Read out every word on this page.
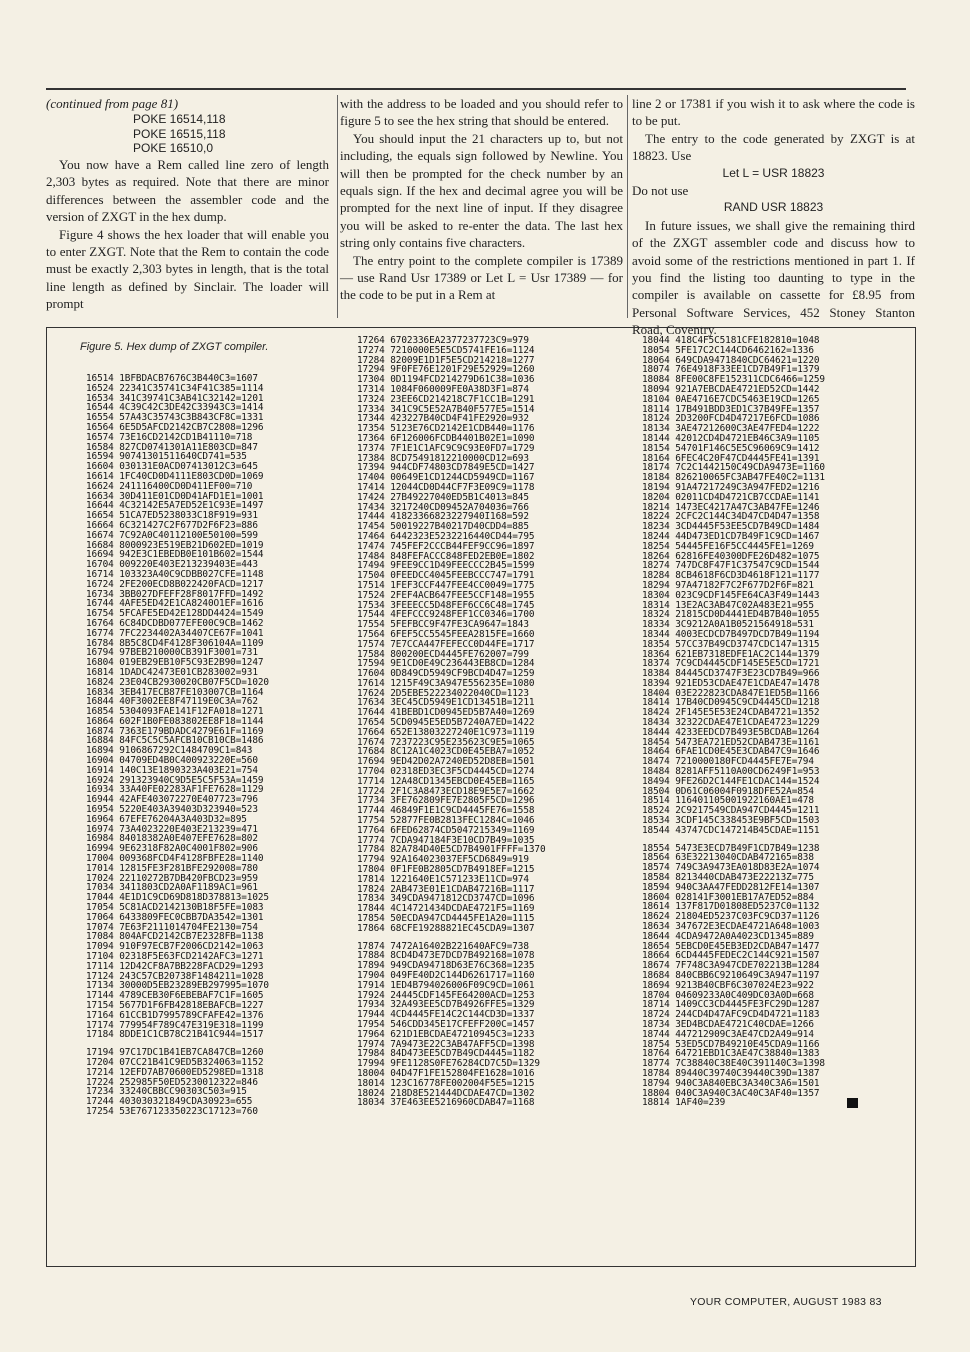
(continued from page 81)

POKE 16514,118
POKE 16515,118
POKE 16510,0

You now have a Rem called line zero of length 2,303 bytes as required. Note that there are minor differences between the assembler code and the version of ZXGT in the hex dump.

Figure 4 shows the hex loader that will enable you to enter ZXGT. Note that the Rem to contain the code must be exactly 2,303 bytes in length, that is the total line length as defined by Sinclair. The loader will prompt

with the address to be loaded and you should refer to figure 5 to see the hex string that should be entered.

You should input the 21 characters up to, but not including, the equals sign followed by Newline. You will then be prompted for the check number by an equals sign. If the hex and decimal agree you will be prompted for the next line of input. If they disagree you will be asked to re-enter the data. The last hex string only contains five characters.

The entry point to the complete compiler is 17389 — use Rand Usr 17389 or Let L = Usr 17389 — for the code to be put in a Rem at

line 2 or 17381 if you wish it to ask where the code is to be put.

The entry to the code generated by ZXGT is at 18823. Use

Let L = USR 18823

Do not use

RAND USR 18823

In future issues, we shall give the remaining third of the ZXGT assembler code and discuss how to avoid some of the restrictions mentioned in part 1. If you find the listing too daunting to type in the compiler is available on cassette for £8.95 from Personal Software Services, 452 Stoney Stanton Road, Coventry.

Figure 5. Hex dump of ZXGT compiler.
16514 1BFBDACB7676C3B440C3=1607
16524 22341C35741C34F41C385=1114
16534 341C39741C3AB41C32142=1201
16544 4C39C42C3DE42C33943C3=1414
16554 57A43C35743C3B843CF8C=1331
16564 6E5D5AFCD2142CB7C2808=1296
16574 73E16CD2142CD1B41110=718
16584 827CD0741301A11E803CD=847
16594 90741301511640CD741=535
16604 030131E0ACD07413012C3=645
16614 1FC40CD0D4111E803CD0D=1069
16624 241116400CD0D411EF00=710
16634 30D411E01CD0D41AFD1E1=1001
16644 4C32142E5A7ED52E1C93E=1497
16654 51CA7ED5238033C18F919=931
16664 6C321427C2F677D2F6F23=886
16674 7C92A0C40112100E50100=599
16684 8000923E519EB21D602ED=1019
16694 942E3C1EBEDB0E101B602=1544
16704 009220E403E213239403E=443
16714 103323A40C9CDBB027CFE=1148
16724 2FE200ECD8B022420FACD=1217
16734 3BB027DFEFF28F8017FFD=1492
16744 4AFE5ED42E1CA8240O1EF=1616
16754 5FCAFE5ED42E128DD4424=1549
16764 6C84DCDBD077EFE00C9CB=1462
16774 7FC2234402A34407CE67F=1041
16784 8B5C8CD4F4128F306104A=1109
16794 97BEB210000CB391F3001=731
16804 019EB29EB10F5C93E2B90=1247
16814 1DADC42473E01CB283002=931
16824 23E04CB2930020CB07F5CD=1020
16834 3EB417ECB87FE103007CB=1164
16844 40F3002EE8F47119E0C3A=762
16854 5304093FAE141F12FA018=1271
16864 602F1B0FE083802EE8F18=1144
16874 7363E179BDADC4279E61F=1169
16884 84FC5C5C5AFCB10CB10CB=1486
16894 9106867292C1484709C1=843
16904 04709ED4B0C400923220E=560
16914 140C13E1890323A403E21=754
16924 291323940C9D5E5C5F53A=1459
16934 33A40FE02283AF1FE7628=1129
16944 42AFE403072270E407723=796
16954 5220E403A39403D323940=523
16964 67EFE76204A3A403D32=895
16974 73A4023220E403E213239=471
16984 84018382A0E407EFE7628=802
16994 9E62318F82A0C4001F802=906
17004 009368FCD4F4128FBFE28=1140
17014 12815FE3F281BFE292008=780
17024 22110272B7DB420FBCD23=959
17034 3411803CD2A0AF1189AC1=961
17044 4E1D1C9CD69D818D378813=1025
17054 5C81ACD2142130B18F5FE=1083
17064 6433809FEC0CBB7DA3542=1301
17074 7E63F2111014704FE2130=754
17084 804AFCD2142CB7E2328FB=1138
17094 910F97ECB7F2006CD2142=1063
17104 02318F5E63FCD2142AFC3=1271
17114 12D42CF8A7BB228FACD29=1293
17124 243C57CB20738F1484211=1028
17134 30000D5EB23289EB297995=1070
17144 4789CEB30F6EBEBAF7C1F=1605
17154 5677D1F6FB42818EBAFCB=1227
17164 61CCB1D7995789CFAFE42=1376
17174 779954F789C47E319E318=1199
17184 8DDE1C1CB78C21B41C944=1517
17194 97C17DC1B41EB7CA847CB=1260
17204 07CC21B41C9ED5B324063=1152
17214 12EFD7AB70600ED5298ED=1318
17224 252985F50ED5230012322=846
17234 33240CBBCC90303C503=915
17244 403030321849CDA30923=655
17254 53E767123350223C17123=760
17264 6702336EA2377237723C9=979
17274 7210000E5E5CD5741FE16=1124
17284 82009E1D1F5E5CD214218=1277
17294 9F0FE76E1201F29E52929=1260
17304 0D1194FCD214279D61C38=1036
17314 1084F060009FE0A38D3F1=874
17324 23EE6CD214218C7F1CC1B=1291
17334 341C9C5E52A7B40F577E5=1514
17344 423227B40CD4F41FE2920=932
17354 5123E76CD2142E1CDB440=1176
17364 6F126006FCDB4401B02E1=1090
17374 7F1E1C1AFC9C9C93E0FD7=1729
17384 8CD75491812210000CD12=693
17394 944CDF74803CD7849E5CD=1427
17404 00649E1CD1244CD5949CD=1167
17414 12044CD0D44CF7F3E09C9=1178
17424 27B49227040ED5B1C4013=845
17434 3217240CD09452A704036=766
17444 41823366823227940I168=592
17454 50019227B40217D40CDD4=885
17464 6442323E5232216440CD44=795
17474 745FEF2CCCB44FEF9CC96=1897
17484 848FEFACCC848FED2EB0E=1802
17494 9FEE9CC1D49FEECCC2B45=1599
17504 0FEEDCC4045FEEBCCC747=1791
17514 1FEF3CCF447FEE4CC0049=1775
17524 2FEF4ACB647FEE5CCF148=1955
17534 3FEEECC5D48FEF6CC6C48=1745
17544 4FEFCCC9248FEF1CC0346=1700
17554 5FEFBCC9F47FE3CA9647=1843
17564 6FEF5CC5545FEEA2815FE=1660
17574 7E7CCA447FEFECC0D44FE=1717
17584 800200ECD4445FE762007=799
17594 9E1CD0E49C236443EB8CD=1284
17604 0D849CD5949CF9BCD4D47=1259
17614 1215F49C3A947E556235E=1080
17624 2D5EBE522234022040CD=1123
17634 3EC45CD5949E1CD13451B=1211
17644 41BEBD1CD0945ED5B7A40=1269
17654 5CD0945E5ED5B7240A7ED=1422
17664 652E13803227240E1C973=1119
17674 7237223C95E235623C9E5=1065
17684 8C12A1C4023CD0E45EBA7=1052
17694 9ED42D02A7240ED52D8EB=1501
17704 02318ED3EC3F5CD4445CD=1274
17714 12A48CD1345EBCD0E45EB=1165
17724 2F1C3A8473ECD18E9E5E7=1662
17734 3FE762809FE7E2805F5CD=1296
17744 46849F1E1C9CD4445FE76=1558
17754 52877FE0B2813FEC1284C=1046
17764 6FED62874CD5047215349=1169
17774 7CDA947184F3E10CD7B49=1035
17784 82A784D40E5CD7B4901FFFF=1370
17794 92A164023037EF5CD6849=919
17804 0F1FE0B2805CD7B4918EF=1215
17814 1221640E1C571233E11CD=974
17824 2AB473E01E1CDAB47216B=1117
17834 349CDA9471812CD3747CD=1096
17844 4C14721434DCDAE4721F5=1169
17854 50ECDA947CD4445FE1A20=1115
17864 68CFE19288821EC45CDA9=1307
17874 7472A16402B221640AFC9=738
17884 8CD4D473E7DCD7B492168=1078
17894 949CDA94718D63E76C368=1235
17904 049FE40D2C144D6261717=1160
17914 1ED4B794026006F09C9CD=1061
17924 24445CDF145FE64200ACD=1253
17934 32A493EE5CD7B4926FFE5=1329
17944 4CD4445FE14C2C144CD3D=1337
17954 546CDD345E17CFEFF200C=1457
17964 621D1EBCDAE47210945C3=1233
17974 7A9473E22C3AB47AFF5CD=1398
17984 84D473EE5CD7B49CD4445=1182
17994 9FE1128S0FE76284CD7C5D=1329
18004 04D47F1FE152804FE1628=1016
18014 123C16778FE002004F5E5=1215
18024 218D8E521444DCDAE47CD=1302
18034 37E463EE5216960CDAB47=1168
18044 418C4F5C5181CFE182810=1048
18054 5FE17C2C144CD6462162=1336
18064 649CDA9471840CDC64621=1220
18074 76E4918F33EE1CD7B49F1=1379
18084 8FE00C8FE152311CDC6466=1259
18094 921A7EBCDAE4721ED52CD=1442
18104 0AE4716E7CDC5463E19CD=1265
18114 17B491BDD3ED1C37B49FE=1357
18124 2D3200FCD4D47217E6FCD=1086
18134 3AE47212600C3AE47FED4=1222
18144 42012CD4D4721EB46C3A9=1105
18154 54701F146C5E5C96069C9=1412
18164 6FEC4C20F47CD4445FE41=1391
18174 7C2C1442150C49CDA9473E=1160
18184 826210065FC3AB47FE40C2=1131
18194 91A47217249C3A947FED2=1216
18204 02011CD4D4721CB7CCDAE=1141
18214 1473EC4217A47C3AB47FE=1246
18224 2CFC2C144C34D47CD4D47=1358
18234 3CD4445F53EE5CD7B49CD=1484
18244 44D473ED1CD7B49F1C9CD=1467
18254 54445FE16F5CC4445FE1=1269
18264 62816FE40300DFE26D482=1075
18274 747DC8F47F1C37547C9CD=1544
18284 8CB4618F6CD3D4618F121=1177
18294 97A47182F7C2F677D2F6F=821
18304 023C9CDF145FE64CA3F49=1443
18314 13E2AC3AB47C02A483E21=955
18324 21815CD0D4441ED4B7B40=1055
18334 3C9212A0A1B0521564918=531
18344 4003ECDCD7B497DCD7B49=1194
18354 57CC37B49CD3747CDC147=1315
18364 621EB7318EDFE1AC2C144=1379
18374 7C9CD4445CDF145E5E5CD=1721
18384 84445CD3747F3E23CD7B49=966
18394 921ED53CDAE47E1CDAE47=1478
18404 03E222823CDA847E1ED5B=1166
18414 17B40CD0945C9CD4445CD=1218
18424 2F145E5E53E24CDAB4721=1352
18434 32322CDAE47E1CDAE4723=1229
18444 4233EEDCD7B493E5BCDAB=1264
18454 5473EA721ED52CDAB473E=1161
18464 6FAE1CD0E45E3CDAB47C9=1646
18474 7210000180FCD4445FE7E=794
18484 8281AFF5110A00CD6249F1=953
18494 9FE26D2C144FE1CDAC144=1524
18504 0D61C06004F0918DFE52A=854
18514 116401105001922160AE1=478
18524 2C9217549CDA947CD4445=1211
18534 3CDF145C338453E9BF5CD=1503
18544 43747CDC147214B45CDAE=1151
18554 5473E3ECD7B49F1CD7B49=1238
18564 63E32213040CDAB472165=838
18574 749C3A9473EA018D83E2A=1074
18584 8213440CDAB473E22213Z=775
18594 940C3AA47FEDD2812FE14=1307
18604 028141F3001EB17A7ED52=884
18614 137F817D01808ED5237C0=1132
18624 21804ED5237C03FC9CD37=1126
18634 347672E3ECDAE4721A648=1003
18644 4CDA9472A0A4023CD1345=889
18654 5EBCD0E45EB3ED2CDAB47=1477
18664 6CD4445FEDEC2C144C921=1507
18674 7F748C3A947CDE702213B=1284
18684 840CBB6C9210649C3A947=1197
18694 9213B40CBF6C307024E23=922
18704 04609233A0C409DC03A0D=668
18714 1409CC3CD4445FE3FC29D=1287
18724 244CD4D47AFC9CD4D4721=1183
18734 3ED4BCDAE4721C40CDAE=1266
18744 447212909C3AE47CD2A49=914
18754 53ED5CD7B49210E45CDA9=1166
18764 64721EBD1C3AE47C38840=1383
18774 7C38840C38E40C391140C3=1398
18784 89440C39740C39440C39D=1387
18794 940C3A840EBC3A340C3A6=1501
18804 040C3A940C3AC40C3AF40=1357
18814 1AF40=239
YOUR COMPUTER, AUGUST 1983 83
